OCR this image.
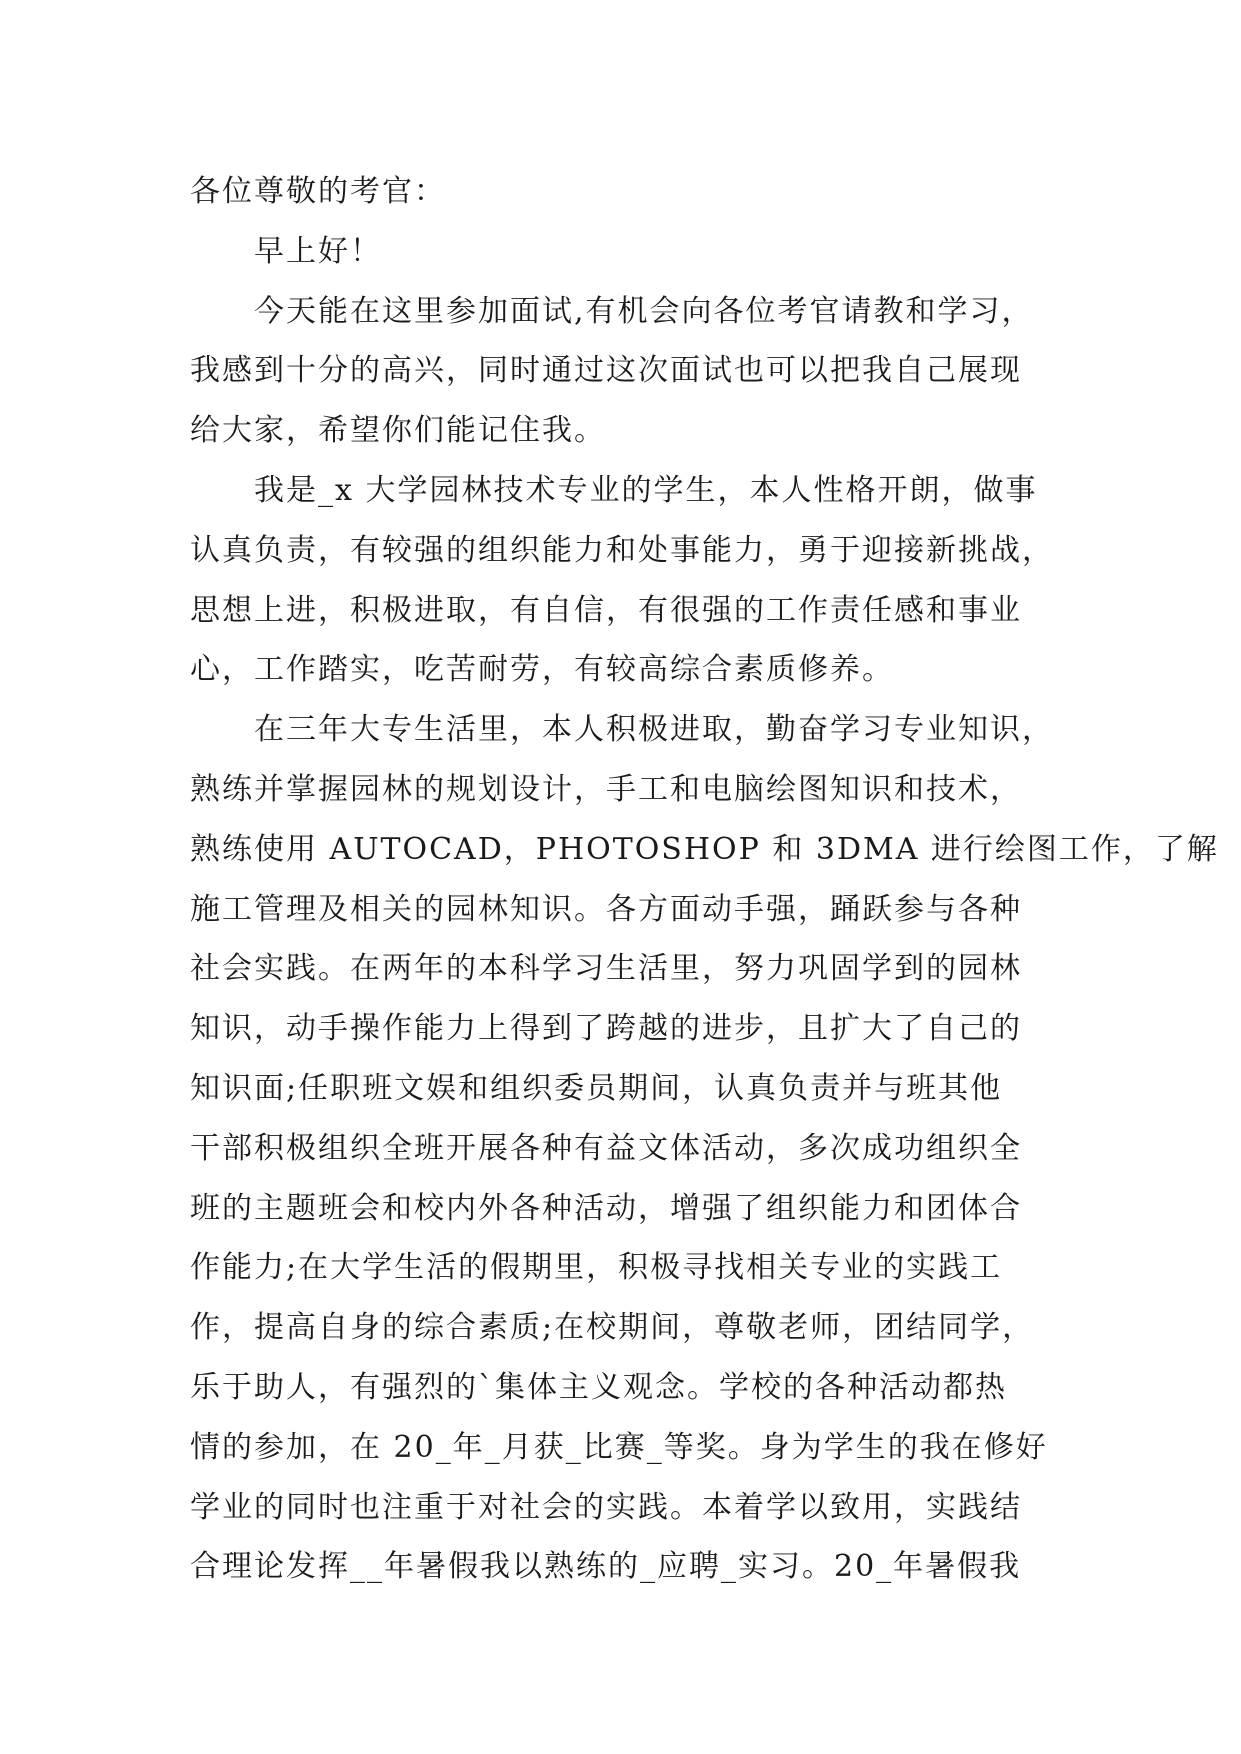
各位尊敬的考官：
早上好！
今天能在这里参加面试,有机会向各位考官请教和学习，
我感到十分的高兴，同时通过这次面试也可以把我自己展现
给大家，希望你们能记住我。
我是_x 大学园林技术专业的学生，本人性格开朗，做事
认真负责，有较强的组织能力和处事能力，勇于迎接新挑战，
思想上进，积极进取，有自信，有很强的工作责任感和事业
心，工作踏实，吃苦耐劳，有较高综合素质修养。
在三年大专生活里，本人积极进取，勤奋学习专业知识，
熟练并掌握园林的规划设计，手工和电脑绘图知识和技术，
熟练使用 AUTOCAD，PHOTOSHOP 和 3DMA 进行绘图工作，了解
施工管理及相关的园林知识。各方面动手强，踊跃参与各种
社会实践。在两年的本科学习生活里，努力巩固学到的园林
知识，动手操作能力上得到了跨越的进步，且扩大了自己的
知识面;任职班文娱和组织委员期间，认真负责并与班其他
干部积极组织全班开展各种有益文体活动，多次成功组织全
班的主题班会和校内外各种活动，增强了组织能力和团体合
作能力;在大学生活的假期里，积极寻找相关专业的实践工
作，提高自身的综合素质;在校期间，尊敬老师，团结同学，
乐于助人，有强烈的`集体主义观念。学校的各种活动都热
情的参加，在 20_年_月获_比赛_等奖。身为学生的我在修好
学业的同时也注重于对社会的实践。本着学以致用，实践结
合理论发挥__年暑假我以熟练的_应聘_实习。20_年暑假我
